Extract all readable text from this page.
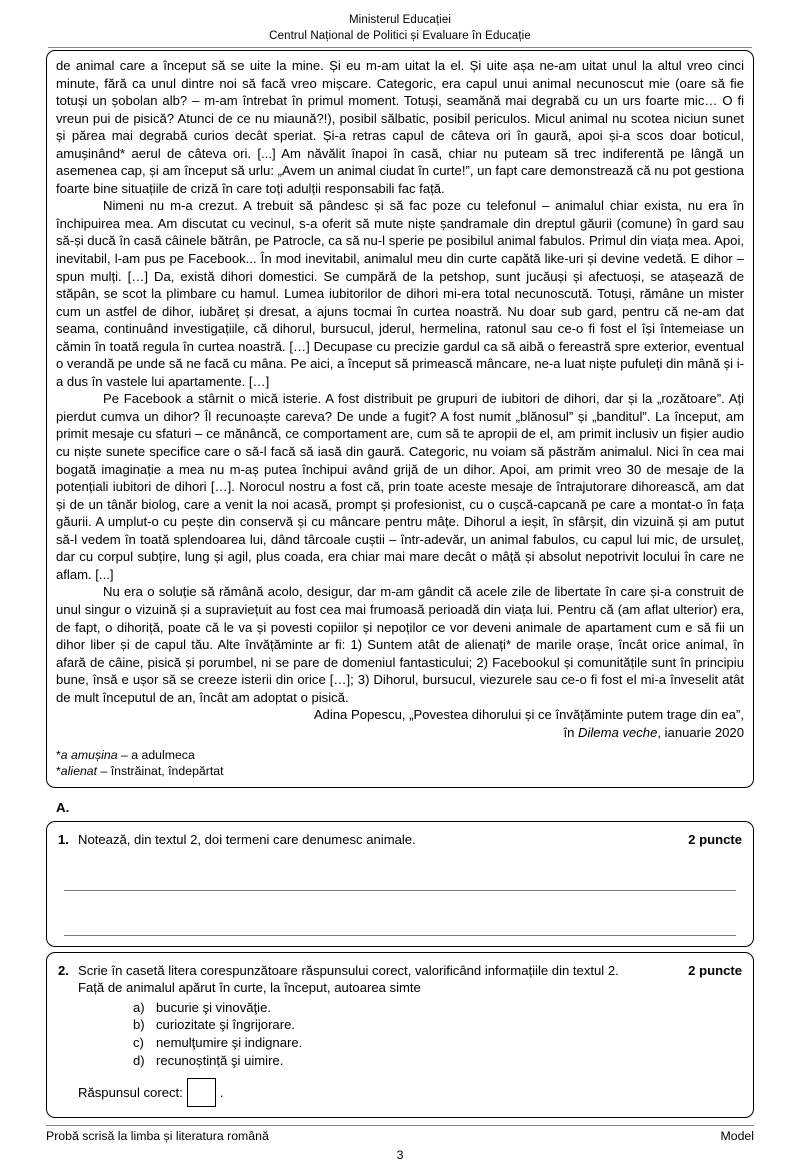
Ministerul Educației
Centrul Național de Politici și Evaluare în Educație

de animal care a început să se uite la mine. Și eu m-am uitat la el. Și uite așa ne-am uitat unul la altul vreo cinci minute, fără ca unul dintre noi să facă vreo mișcare. Categoric, era capul unui animal necunoscut mie (oare să fie totuși un șobolan alb? – m-am întrebat în primul moment. Totuși, seamănă mai degrabă cu un urs foarte mic… O fi vreun pui de pisică? Atunci de ce nu miaună?!), posibil sălbatic, posibil periculos. Micul animal nu scotea niciun sunet și părea mai degrabă curios decât speriat. Și-a retras capul de câteva ori în gaură, apoi și-a scos doar boticul, amușinând* aerul de câteva ori. [...] Am năvălit înapoi în casă, chiar nu puteam să trec indiferentă pe lângă un asemenea cap, și am început să urlu: „Avem un animal ciudat în curte!”, un fapt care demonstrează că nu pot gestiona foarte bine situațiile de criză în care toți adulții responsabili fac față.

Nimeni nu m-a crezut. A trebuit să pândesc și să fac poze cu telefonul – animalul chiar exista, nu era în închipuirea mea. Am discutat cu vecinul, s-a oferit să mute niște șandramale din dreptul găurii (comune) în gard sau să-și ducă în casă câinele bătrân, pe Patrocle, ca să nu-l sperie pe posibilul animal fabulos. Primul din viața mea. Apoi, inevitabil, l-am pus pe Facebook... În mod inevitabil, animalul meu din curte capătă like-uri și devine vedetă. E dihor – spun mulți. […] Da, există dihori domestici. Se cumpără de la petshop, sunt jucăuși și afectuoși, se atașează de stăpân, se scot la plimbare cu hamul. Lumea iubitorilor de dihori mi-era total necunoscută. Totuși, rămâne un mister cum un astfel de dihor, iubăreț și dresat, a ajuns tocmai în curtea noastră. Nu doar sub gard, pentru că ne-am dat seama, continuând investigațiile, că dihorul, bursucul, jderul, hermelina, ratonul sau ce-o fi fost el își întemeiase un cămin în toată regula în curtea noastră. […] Decupase cu precizie gardul ca să aibă o fereastră spre exterior, eventual o verandă pe unde să ne facă cu mâna. Pe aici, a început să primească mâncare, ne-a luat niște pufuleți din mână și i-a dus în vastele lui apartamente. […]

Pe Facebook a stârnit o mică isterie. A fost distribuit pe grupuri de iubitori de dihori, dar și la „rozătoare”. Ați pierdut cumva un dihor? Îl recunoaște careva? De unde a fugit? A fost numit „blănosul” și „banditul”. La început, am primit mesaje cu sfaturi – ce mănâncă, ce comportament are, cum să te apropii de el, am primit inclusiv un fișier audio cu niște sunete specifice care o să-l facă să iasă din gaură. Categoric, nu voiam să păstrăm animalul. Nici în cea mai bogată imaginație a mea nu m-aș putea închipui având grijă de un dihor. Apoi, am primit vreo 30 de mesaje de la potențiali iubitori de dihori […]. Norocul nostru a fost că, prin toate aceste mesaje de întrajutorare dihorească, am dat și de un tânăr biolog, care a venit la noi acasă, prompt și profesionist, cu o cușcă-capcană pe care a montat-o în fața găurii. A umplut-o cu pește din conservă și cu mâncare pentru mâțe. Dihorul a ieșit, în sfârșit, din vizuină și am putut să-l vedem în toată splendoarea lui, dând târcoale cuștii – într-adevăr, un animal fabulos, cu capul lui mic, de ursuleț, dar cu corpul subțire, lung și agil, plus coada, era chiar mai mare decât o mâță și absolut nepotrivit locului în care ne aflam. [...]

Nu era o soluție să rămână acolo, desigur, dar m-am gândit că acele zile de libertate în care și-a construit de unul singur o vizuină și a supraviețuit au fost cea mai frumoasă perioadă din viața lui. Pentru că (am aflat ulterior) era, de fapt, o dihoriță, poate că le va și povesti copiilor și nepoților ce vor deveni animale de apartament cum e să fii un dihor liber și de capul tău. Alte învățăminte ar fi: 1) Suntem atât de alienați* de marile orașe, încât orice animal, în afară de câine, pisică și porumbel, ni se pare de domeniul fantasticului; 2) Facebookul și comunitățile sunt în principiu bune, însă e ușor să se creeze isterii din orice […]; 3) Dihorul, bursucul, viezurele sau ce-o fi fost el mi-a înveselit atât de mult începutul de an, încât am adoptat o pisică.

Adina Popescu, „Povestea dihorului și ce învățăminte putem trage din ea”,

în Dilema veche, ianuarie 2020

*a amușina – a adulmeca

*alienat – înstrăinat, îndepărtat

A.
1. Notează, din textul 2, doi termeni care denumesc animale.	2 puncte
2. Scrie în casetă litera corespunzătoare răspunsului corect, valorificând informațiile din textul 2.	2 puncte
Față de animalul apărut în curte, la început, autoarea simte
a) bucurie şi vinovăţie.
b) curiozitate şi îngrijorare.
c) nemulţumire şi indignare.
d) recunoștință şi uimire.
Răspunsul corect:	.
Probă scrisă la limba și literatura română	Model
3
